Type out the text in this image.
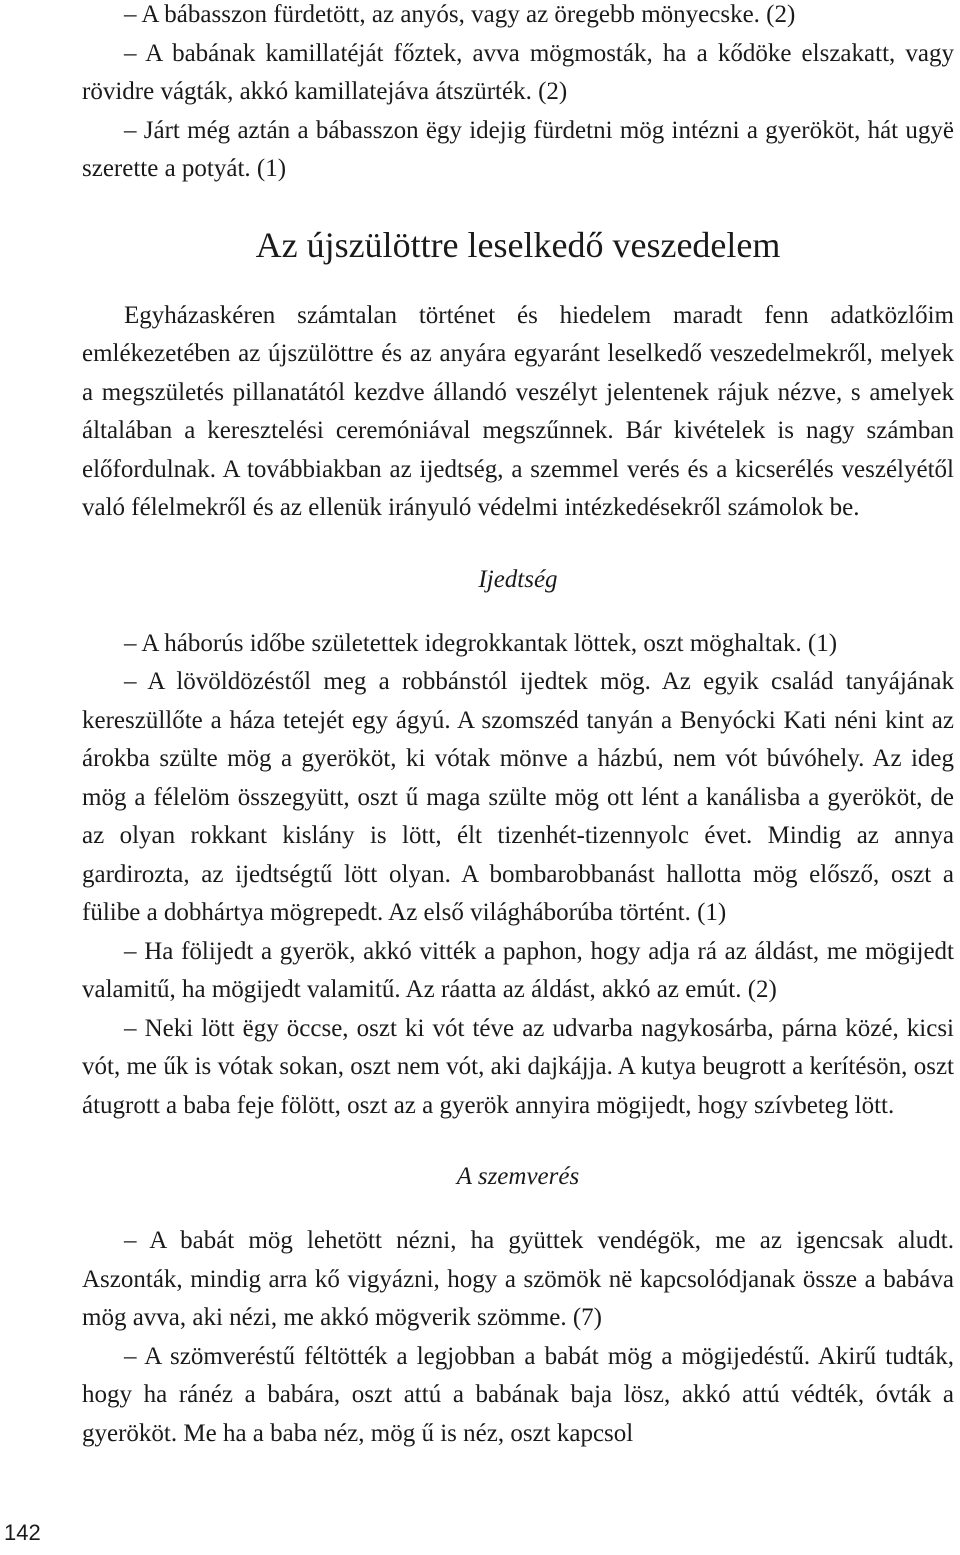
– A bábasszon fürdetött, az anyós, vagy az öregebb mönyecske. (2)

– A babának kamillatéját főztek, avva mögmosták, ha a kődöke elszakatt, vagy rövidre vágták, akkó kamillatejáva átszürték. (2)

– Járt még aztán a bábasszon ëgy idejig fürdetni mög intézni a gyerököt, hát ugyë szerette a potyát. (1)

Az újszülöttre leselkedő veszedelem

Egyházaskéren számtalan történet és hiedelem maradt fenn adatközlőim emlékezetében az újszülöttre és az anyára egyaránt leselkedő veszedelmekről, melyek a megszületés pillanatától kezdve állandó veszélyt jelentenek rájuk nézve, s amelyek általában a keresztelési ceremóniával megszűnnek. Bár kivételek is nagy számban előfordulnak. A továbbiakban az ijedtség, a szemmel verés és a kicserélés veszélyétől való félelmekről és az ellenük irányuló védelmi intézkedésekről számolok be.

Ijedtség

– A háborús időbe születettek idegrokkantak löttek, oszt möghaltak. (1)

– A lövöldözéstől meg a robbánstól ijedtek mög. Az egyik család tanyájának kereszüllőte a háza tetejét egy ágyú. A szomszéd tanyán a Benyócki Kati néni kint az árokba szülte mög a gyerököt, ki vótak mönve a házbú, nem vót búvóhely. Az ideg mög a félelöm összegyütt, oszt ű maga szülte mög ott lént a kanálisba a gyerököt, de az olyan rokkant kislány is lött, élt tizenhét-tizennyolc évet. Mindig az annya gardirozta, az ijedtségtű lött olyan. A bombarobbanást hallotta mög elősző, oszt a fülibe a dobhártya mögrepedt. Az első világháborúba történt. (1)

– Ha fölijedt a gyerök, akkó vitték a paphon, hogy adja rá az áldást, me mögijedt valamitű, ha mögijedt valamitű. Az ráatta az áldást, akkó az emút. (2)

– Neki lött ëgy öccse, oszt ki vót téve az udvarba nagykosárba, párna közé, kicsi vót, me űk is vótak sokan, oszt nem vót, aki dajkájja. A kutya beugrott a kerítésön, oszt átugrott a baba feje fölött, oszt az a gyerök annyira mögijedt, hogy szívbeteg lött.

A szemverés

– A babát mög lehetött nézni, ha gyüttek vendégök, me az igencsak aludt. Aszonták, mindig arra kő vigyázni, hogy a szömök në kapcsolódjanak össze a babáva mög avva, aki nézi, me akkó mögverik szömme. (7)

– A szömveréstű féltötték a legjobban a babát mög a mögijedéstű. Akirű tudták, hogy ha ránéz a babára, oszt attú a babának baja lösz, akkó attú védték, óvták a gyerököt. Me ha a baba néz, mög ű is néz, oszt kapcsol

142
